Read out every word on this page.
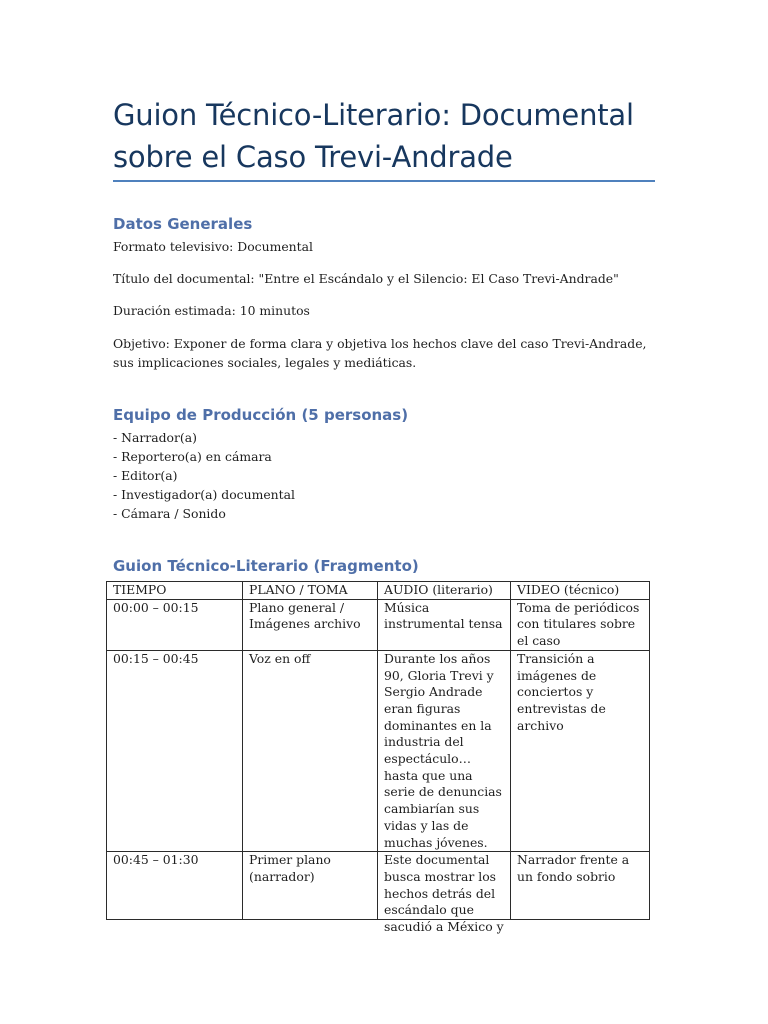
Guion Técnico-Literario: Documental sobre el Caso Trevi-Andrade
Datos Generales

Formato televisivo: Documental

Título del documental: "Entre el Escándalo y el Silencio: El Caso Trevi-Andrade"

Duración estimada: 10 minutos

Objetivo: Exponer de forma clara y objetiva los hechos clave del caso Trevi-Andrade, sus implicaciones sociales, legales y mediáticas.

Equipo de Producción (5 personas)
- Narrador(a)
- Reportero(a) en cámara
- Editor(a)
- Investigador(a) documental
- Cámara / Sonido
Guion Técnico-Literario (Fragmento)
TIEMPO	PLANO / TOMA	AUDIO (literario)	VIDEO (técnico)
00:00 – 00:15	Plano general / Imágenes archivo	Música instrumental tensa	Toma de periódicos con titulares sobre el caso
00:15 – 00:45	Voz en off	Durante los años 90, Gloria Trevi y Sergio Andrade eran figuras dominantes en la industria del espectáculo… hasta que una serie de denuncias cambiarían sus vidas y las de muchas jóvenes.	Transición a imágenes de conciertos y entrevistas de archivo

00:45 – 01:30	Primer plano (narrador)	Este documental busca mostrar los hechos detrás del escándalo que sacudió a México y	Narrador frente a un fondo sobrio
